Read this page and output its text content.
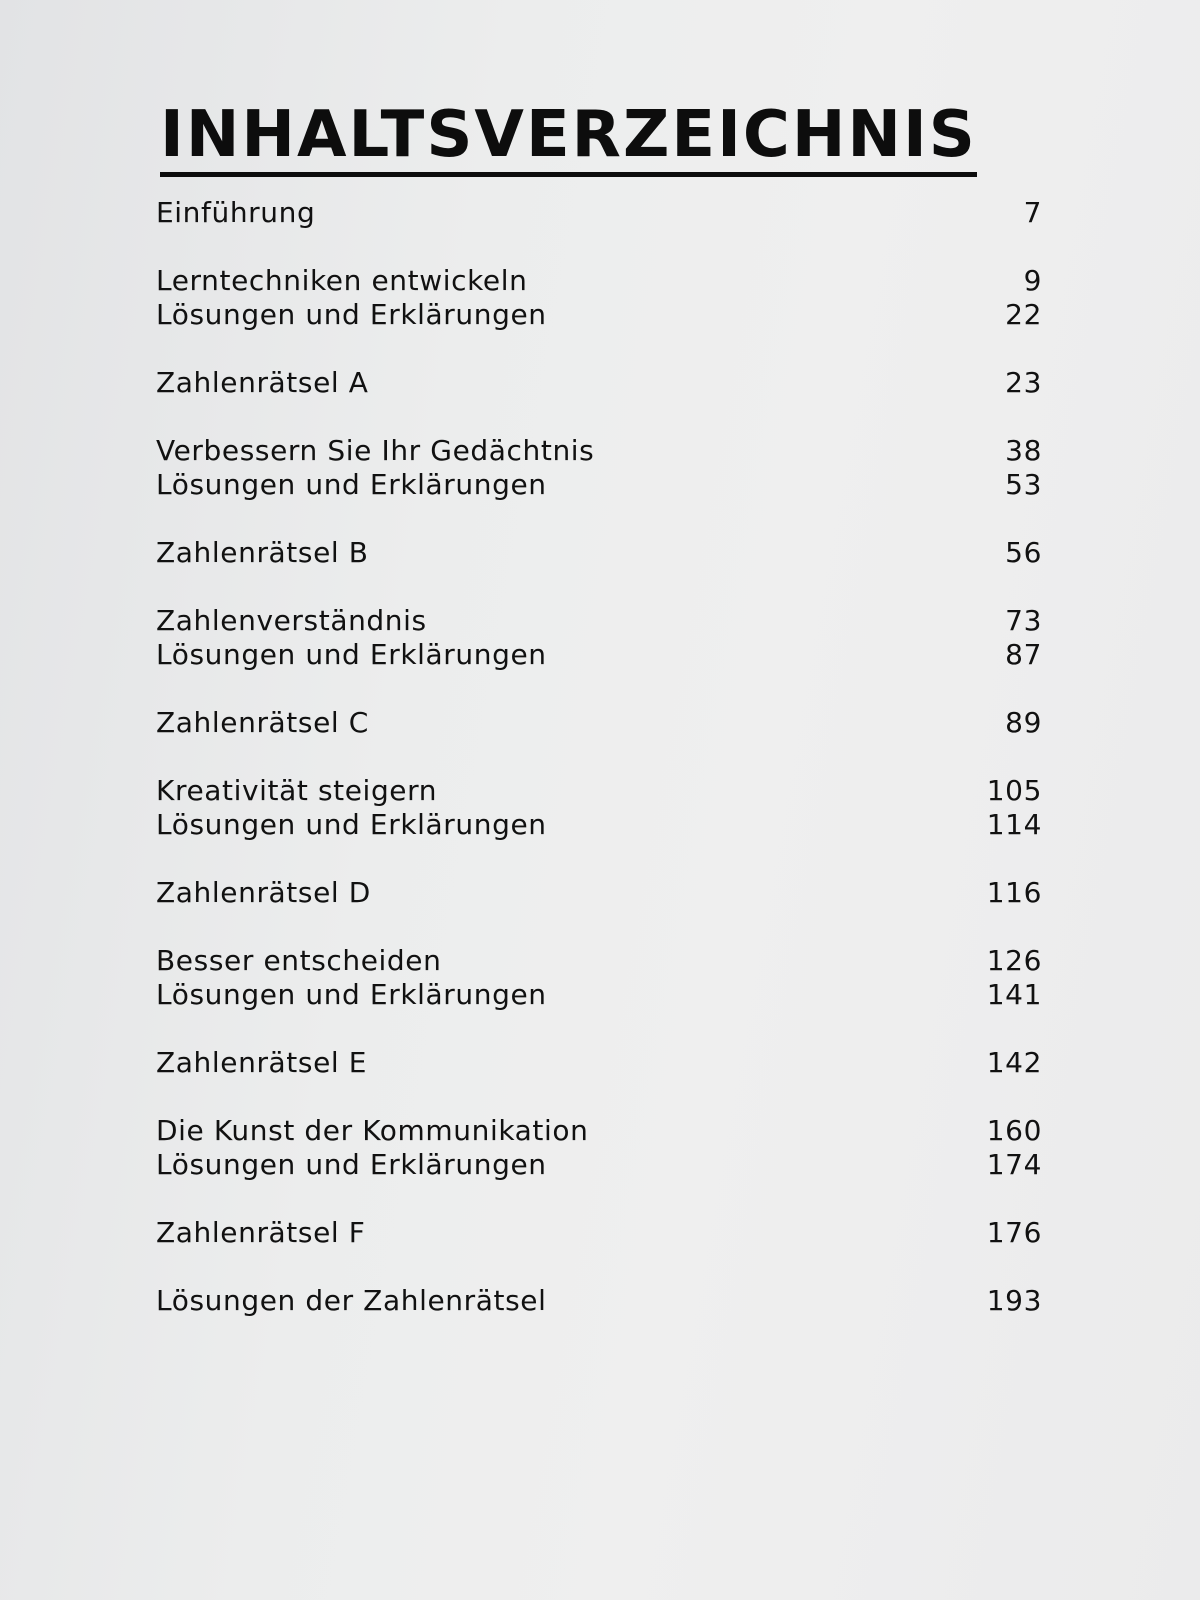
INHALTSVERZEICHNIS
Einführung	7
Lerntechniken entwickeln	9
Lösungen und Erklärungen	22
Zahlenrätsel A	23
Verbessern Sie Ihr Gedächtnis	38
Lösungen und Erklärungen	53
Zahlenrätsel B	56
Zahlenverständnis	73
Lösungen und Erklärungen	87
Zahlenrätsel C	89
Kreativität steigern	105
Lösungen und Erklärungen	114
Zahlenrätsel D	116
Besser entscheiden	126
Lösungen und Erklärungen	141
Zahlenrätsel E	142
Die Kunst der Kommunikation	160
Lösungen und Erklärungen	174
Zahlenrätsel F	176
Lösungen der Zahlenrätsel	193
